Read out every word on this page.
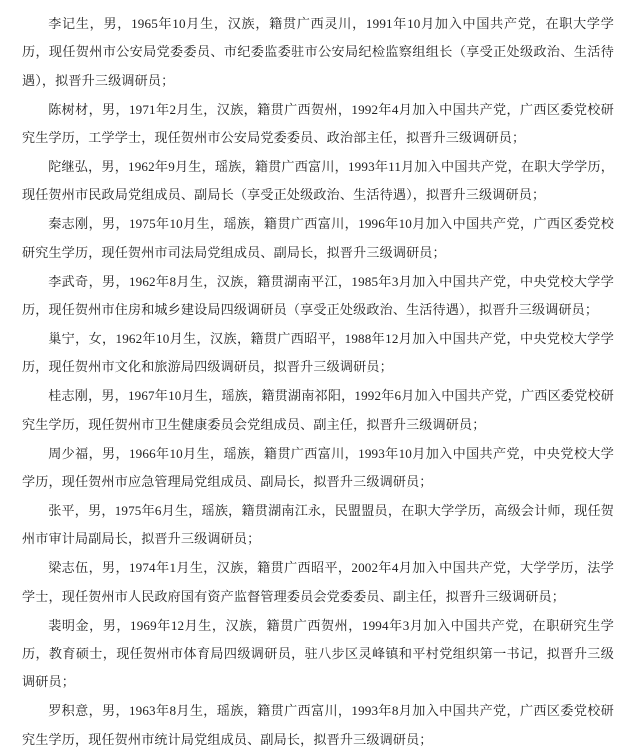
李记生，男，1965年10月生，汉族，籍贯广西灵川，1991年10月加入中国共产党，在职大学学历，现任贺州市公安局党委委员、市纪委监委驻市公安局纪检监察组组长（享受正处级政治、生活待遇），拟晋升三级调研员；

陈树材，男，1971年2月生，汉族，籍贯广西贺州，1992年4月加入中国共产党，广西区委党校研究生学历，工学学士，现任贺州市公安局党委委员、政治部主任，拟晋升三级调研员；

陀继弘，男，1962年9月生，瑶族，籍贯广西富川，1993年11月加入中国共产党，在职大学学历，现任贺州市民政局党组成员、副局长（享受正处级政治、生活待遇），拟晋升三级调研员；

秦志刚，男，1975年10月生，瑶族，籍贯广西富川，1996年10月加入中国共产党，广西区委党校研究生学历，现任贺州市司法局党组成员、副局长，拟晋升三级调研员；

李武奇，男，1962年8月生，汉族，籍贯湖南平江，1985年3月加入中国共产党，中央党校大学学历，现任贺州市住房和城乡建设局四级调研员（享受正处级政治、生活待遇），拟晋升三级调研员；

巢宁，女，1962年10月生，汉族，籍贯广西昭平，1988年12月加入中国共产党，中央党校大学学历，现任贺州市文化和旅游局四级调研员，拟晋升三级调研员；

桂志刚，男，1967年10月生，瑶族，籍贯湖南祁阳，1992年6月加入中国共产党，广西区委党校研究生学历，现任贺州市卫生健康委员会党组成员、副主任，拟晋升三级调研员；

周少福，男，1966年10月生，瑶族，籍贯广西富川，1993年10月加入中国共产党，中央党校大学学历，现任贺州市应急管理局党组成员、副局长，拟晋升三级调研员；

张平，男，1975年6月生，瑶族，籍贯湖南江永，民盟盟员，在职大学学历，高级会计师，现任贺州市审计局副局长，拟晋升三级调研员；

梁志伍，男，1974年1月生，汉族，籍贯广西昭平，2002年4月加入中国共产党，大学学历，法学学士，现任贺州市人民政府国有资产监督管理委员会党委委员、副主任，拟晋升三级调研员；

裴明金，男，1969年12月生，汉族，籍贯广西贺州，1994年3月加入中国共产党，在职研究生学历，教育硕士，现任贺州市体育局四级调研员，驻八步区灵峰镇和平村党组织第一书记，拟晋升三级调研员；

罗积意，男，1963年8月生，瑶族，籍贯广西富川，1993年8月加入中国共产党，广西区委党校研究生学历，现任贺州市统计局党组成员、副局长，拟晋升三级调研员；
